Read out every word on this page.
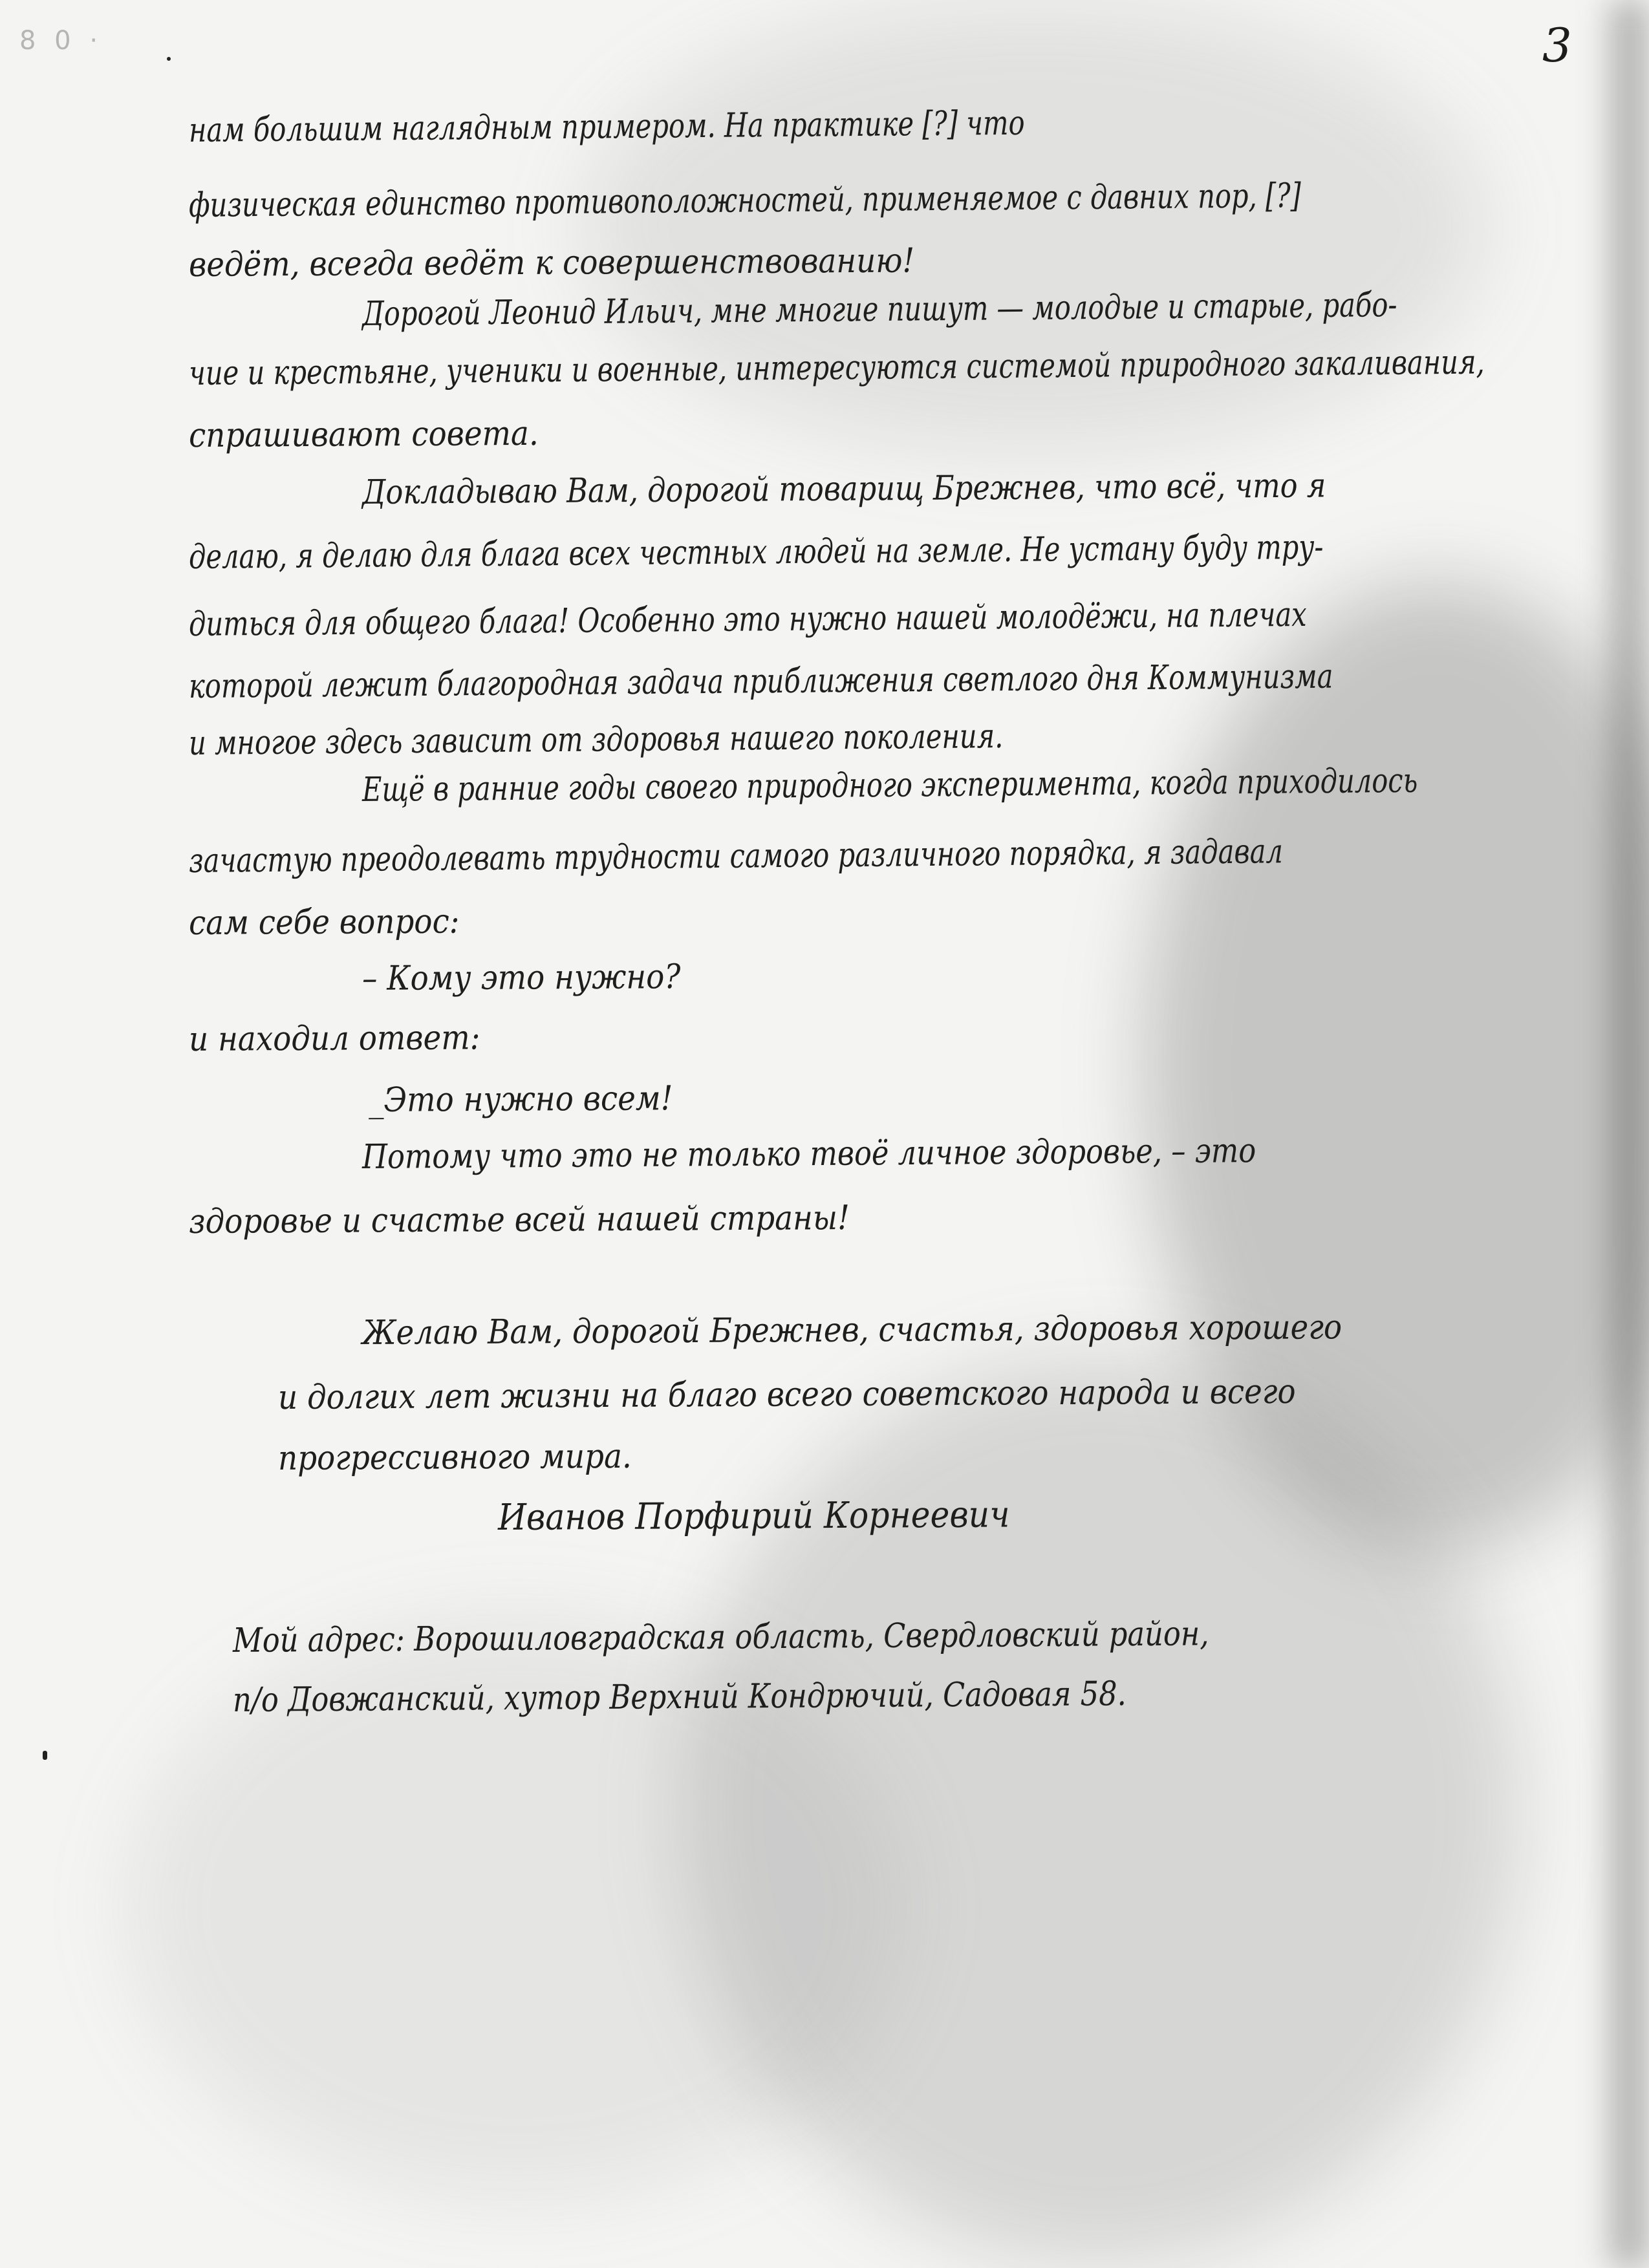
8 0 ·	3

нам большим наглядным примером. На практике [?] что

физическая единство противоположностей, применяемое с давних пор, [?]

ведёт, всегда ведёт к совершенствованию!

Дорогой Леонид Ильич, мне многие пишут — молодые и старые, рабо-

чие и крестьяне, ученики и военные, интересуются системой природного закаливания,

спрашивают совета.

Докладываю Вам, дорогой товарищ Брежнев, что всё, что я

делаю, я делаю для блага всех честных людей на земле. Не устану буду тру-

диться для общего блага! Особенно это нужно нашей молодёжи, на плечах

которой лежит благородная задача приближения светлого дня Коммунизма

и многое здесь зависит от здоровья нашего поколения.

Ещё в ранние годы своего природного эксперимента, когда приходилось

зачастую преодолевать трудности самого различного порядка, я задавал

сам себе вопрос:

– Кому это нужно?

и находил ответ:

_Это нужно всем!

Потому что это не только твоё личное здоровье, – это

здоровье и счастье всей нашей страны!

Желаю Вам, дорогой Брежнев, счастья, здоровья хорошего

и долгих лет жизни на благо всего советского народа и всего

прогрессивного мира.

Иванов Порфирий Корнеевич

Мой адрес: Ворошиловградская область, Свердловский район,

п/о Довжанский, хутор Верхний Кондрючий, Садовая 58.
